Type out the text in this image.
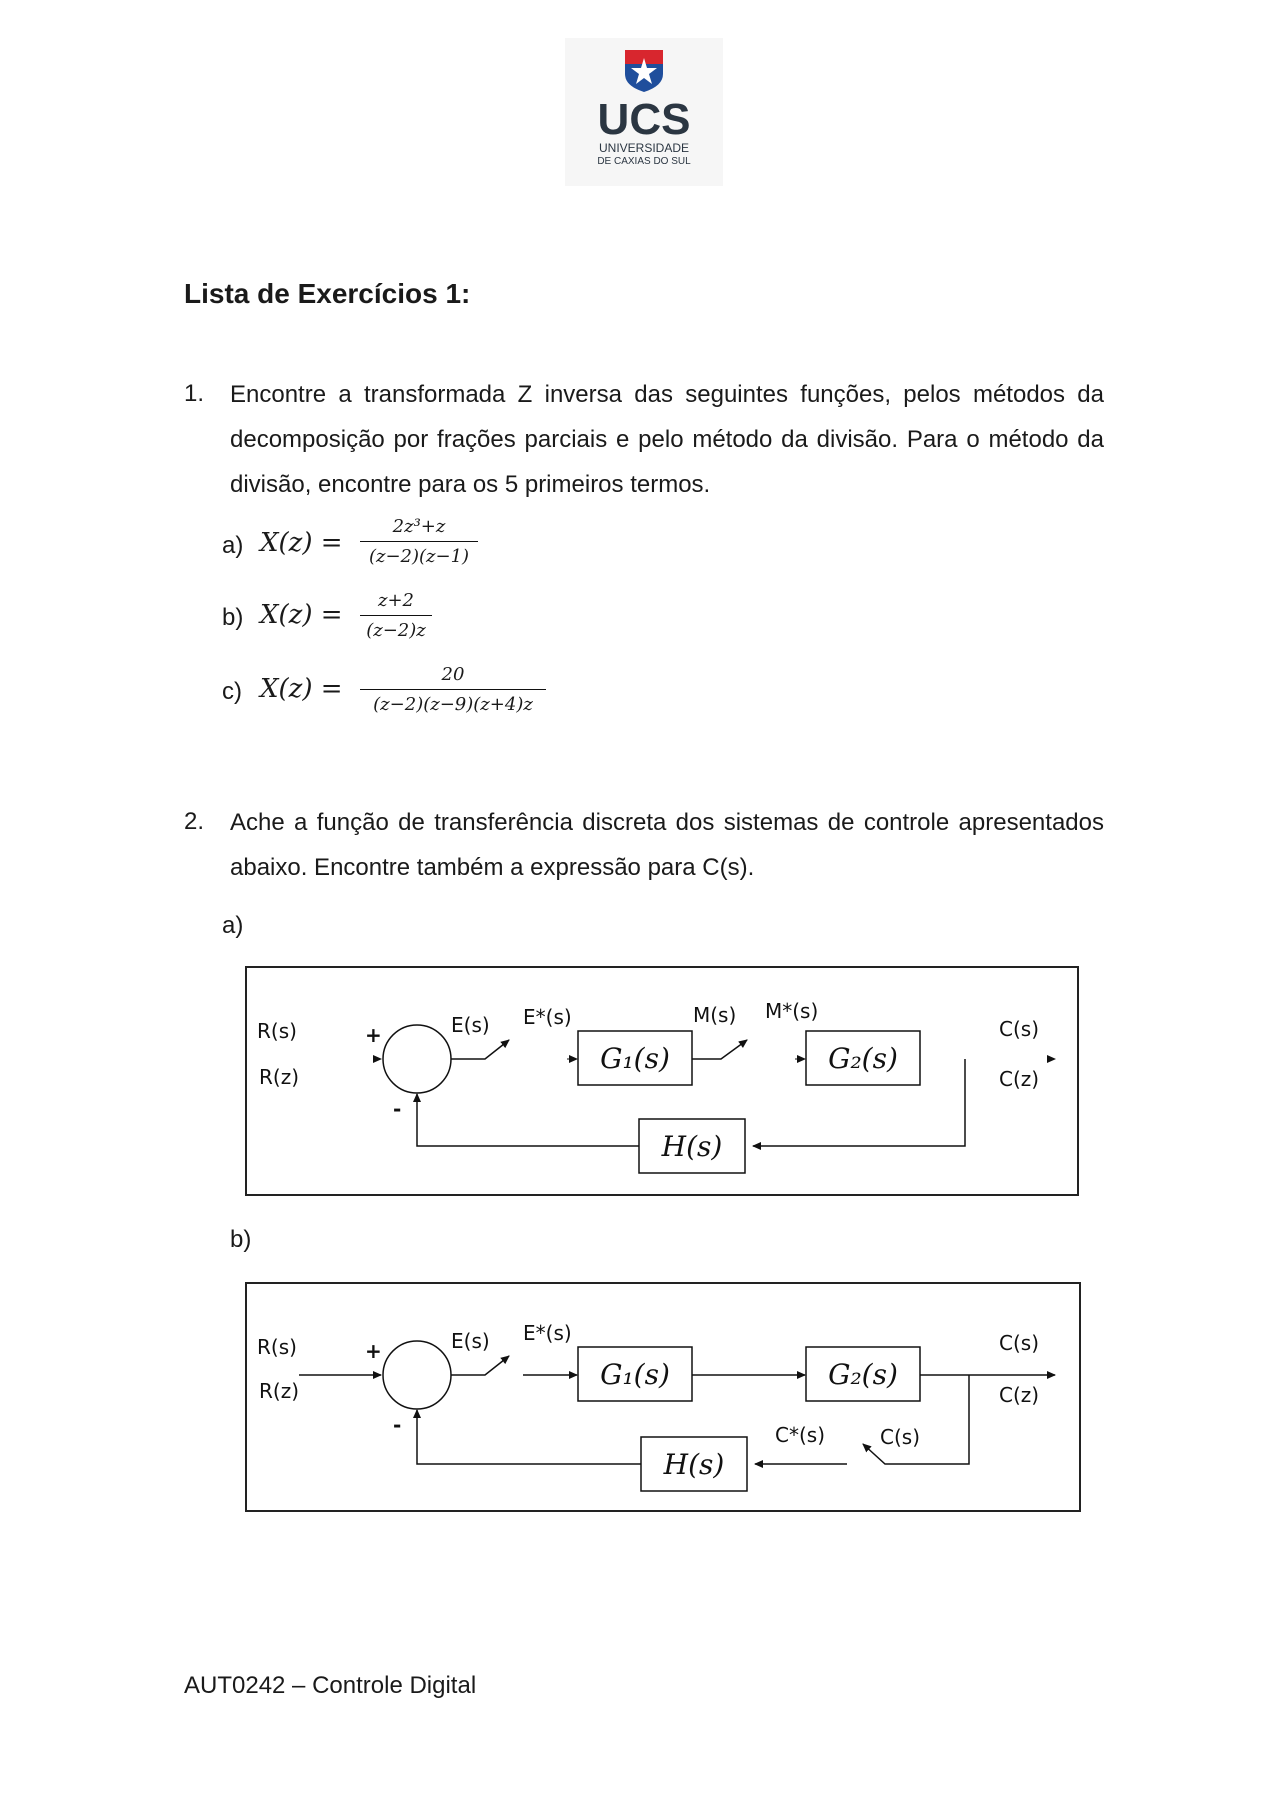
UCS
UNIVERSIDADE
DE CAXIAS DO SUL
Lista de Exercícios 1:
1. Encontre a transformada Z inversa das seguintes funções, pelos métodos da decomposição por frações parciais e pelo método da divisão. Para o método da divisão, encontre para os 5 primeiros termos.
a) $X(z) = \frac{\text{2z³+z}}{(z-2)(z-1)}$
b) $X(z) = \frac{z+2}{(z-2)z}$
c) $X(z) = \frac{20}{(z-2)(z-9)(z+4)z}$
2. Ache a função de transferência discreta dos sistemas de controle apresentados abaixo. Encontre também a expressão para C(s).
a)
R(s)
R(z)
+
-
E(s) E*(s)
G₁(s)
M(s) M*(s)
G₂(s)
C(s)
C(z)
H(s)
b)
R(s)
R(z)
+
-
E(s) E*(s)
G₁(s)	G₂(s)
C(s)
C(z)
C(s)
C*(s)
H(s)
AUT0242 – Controle Digital
